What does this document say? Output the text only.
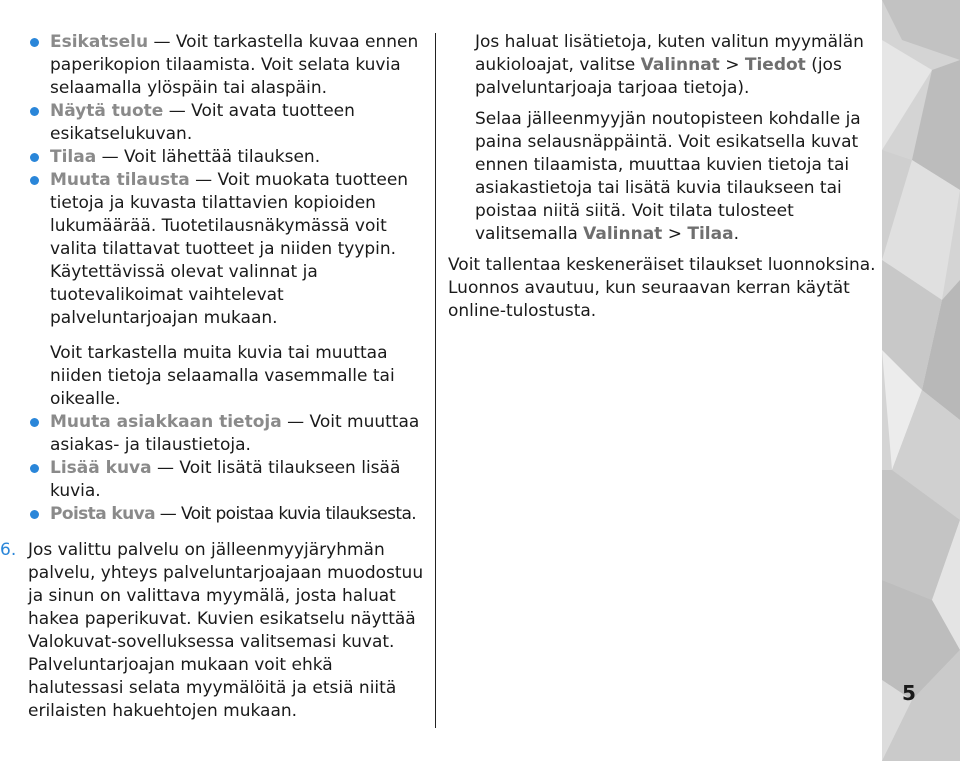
Esikatselu — Voit tarkastella kuvaa ennen paperikopion tilaamista. Voit selata kuvia selaamalla ylöspäin tai alaspäin.
Näytä tuote — Voit avata tuotteen esikatselukuvan.
Tilaa — Voit lähettää tilauksen.
Muuta tilausta — Voit muokata tuotteen tietoja ja kuvasta tilattavien kopioiden lukumäärää. Tuotetilausnäkymässä voit valita tilattavat tuotteet ja niiden tyypin. Käytettävissä olevat valinnat ja tuotevalikoimat vaihtelevat palveluntarjoajan mukaan.

Voit tarkastella muita kuvia tai muuttaa niiden tietoja selaamalla vasemmalle tai oikealle.

Muuta asiakkaan tietoja — Voit muuttaa asiakas- ja tilaustietoja.
Lisää kuva — Voit lisätä tilaukseen lisää kuvia.
Poista kuva — Voit poistaa kuvia tilauksesta.
6. Jos valittu palvelu on jälleenmyyjäryhmän palvelu, yhteys palveluntarjoajaan muodostuu ja sinun on valittava myymälä, josta haluat hakea paperikuvat. Kuvien esikatselu näyttää Valokuvat-sovelluksessa valitsemasi kuvat. Palveluntarjoajan mukaan voit ehkä halutessasi selata myymälöitä ja etsiä niitä erilaisten hakuehtojen mukaan.

Jos haluat lisätietoja, kuten valitun myymälän aukioloajat, valitse Valinnat > Tiedot (jos palveluntarjoaja tarjoaa tietoja).

Selaa jälleenmyyjän noutopisteen kohdalle ja paina selausnäppäintä. Voit esikatsella kuvat ennen tilaamista, muuttaa kuvien tietoja tai asiakastietoja tai lisätä kuvia tilaukseen tai poistaa niitä siitä. Voit tilata tulosteet valitsemalla Valinnat > Tilaa.

Voit tallentaa keskeneräiset tilaukset luonnoksina. Luonnos avautuu, kun seuraavan kerran käytät online-tulostusta.

5
